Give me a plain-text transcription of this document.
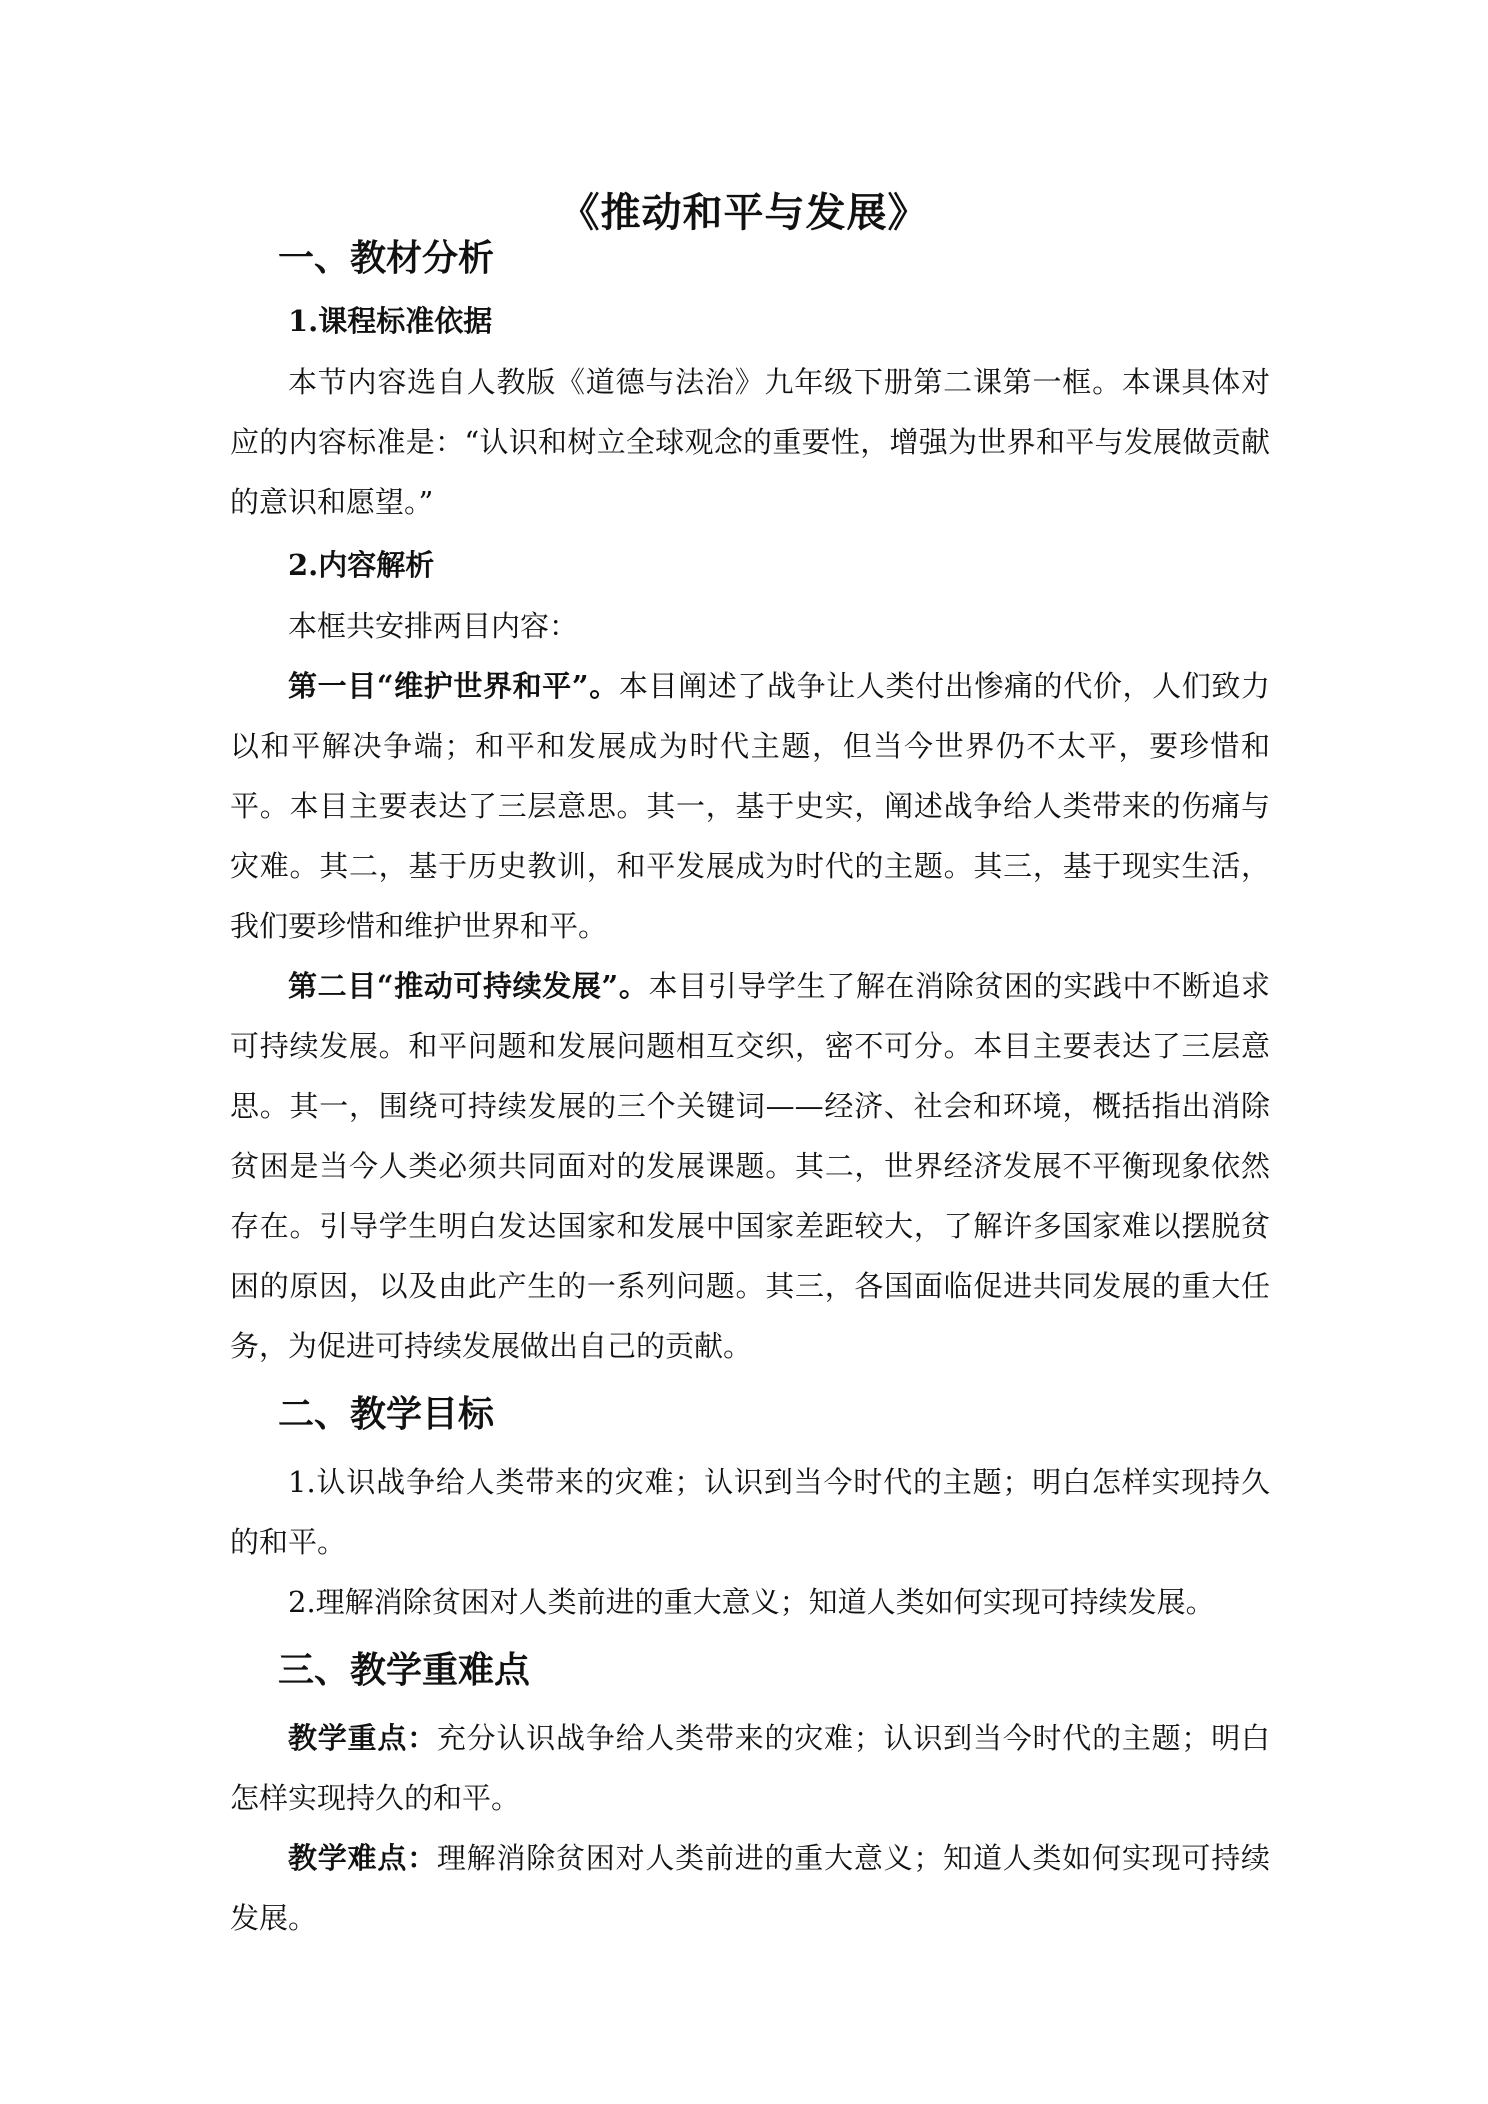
《推动和平与发展》
一、教材分析
1.课程标准依据

本节内容选自人教版《道德与法治》九年级下册第二课第一框。本课具体对应的内容标准是：“认识和树立全球观念的重要性，增强为世界和平与发展做贡献的意识和愿望。”

2.内容解析

本框共安排两目内容：

第一目“维护世界和平”。本目阐述了战争让人类付出惨痛的代价，人们致力以和平解决争端；和平和发展成为时代主题，但当今世界仍不太平，要珍惜和平。本目主要表达了三层意思。其一，基于史实，阐述战争给人类带来的伤痛与灾难。其二，基于历史教训，和平发展成为时代的主题。其三，基于现实生活，我们要珍惜和维护世界和平。

第二目“推动可持续发展”。本目引导学生了解在消除贫困的实践中不断追求可持续发展。和平问题和发展问题相互交织，密不可分。本目主要表达了三层意思。其一，围绕可持续发展的三个关键词——经济、社会和环境，概括指出消除贫困是当今人类必须共同面对的发展课题。其二，世界经济发展不平衡现象依然存在。引导学生明白发达国家和发展中国家差距较大，了解许多国家难以摆脱贫困的原因，以及由此产生的一系列问题。其三，各国面临促进共同发展的重大任务，为促进可持续发展做出自己的贡献。

二、教学目标

1.认识战争给人类带来的灾难；认识到当今时代的主题；明白怎样实现持久的和平。

2.理解消除贫困对人类前进的重大意义；知道人类如何实现可持续发展。

三、教学重难点

教学重点：充分认识战争给人类带来的灾难；认识到当今时代的主题；明白怎样实现持久的和平。

教学难点：理解消除贫困对人类前进的重大意义；知道人类如何实现可持续发展。
